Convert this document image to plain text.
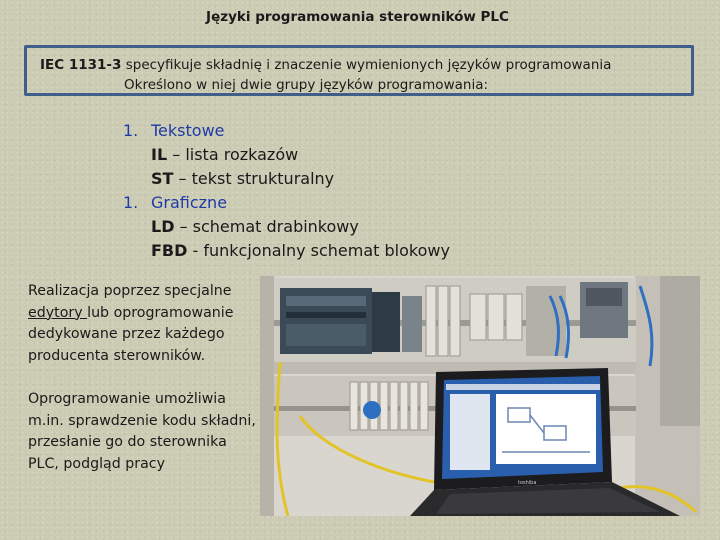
Języki programowania sterowników PLC
IEC 1131-3 specyfikuje składnię i znaczenie wymienionych języków programowania
Określono w niej dwie grupy języków programowania:
1. Tekstowe
IL – lista rozkazów
ST – tekst strukturalny
1. Graficzne
LD – schemat drabinkowy
FBD - funkcjonalny schemat blokowy

Realizacja poprzez specjalne edytory lub oprogramowanie dedykowane przez każdego producenta sterowników.

Oprogramowanie umożliwia m.in. sprawdzenie kodu składni, przesłanie go do sterownika PLC, podgląd pracy

toshiba
